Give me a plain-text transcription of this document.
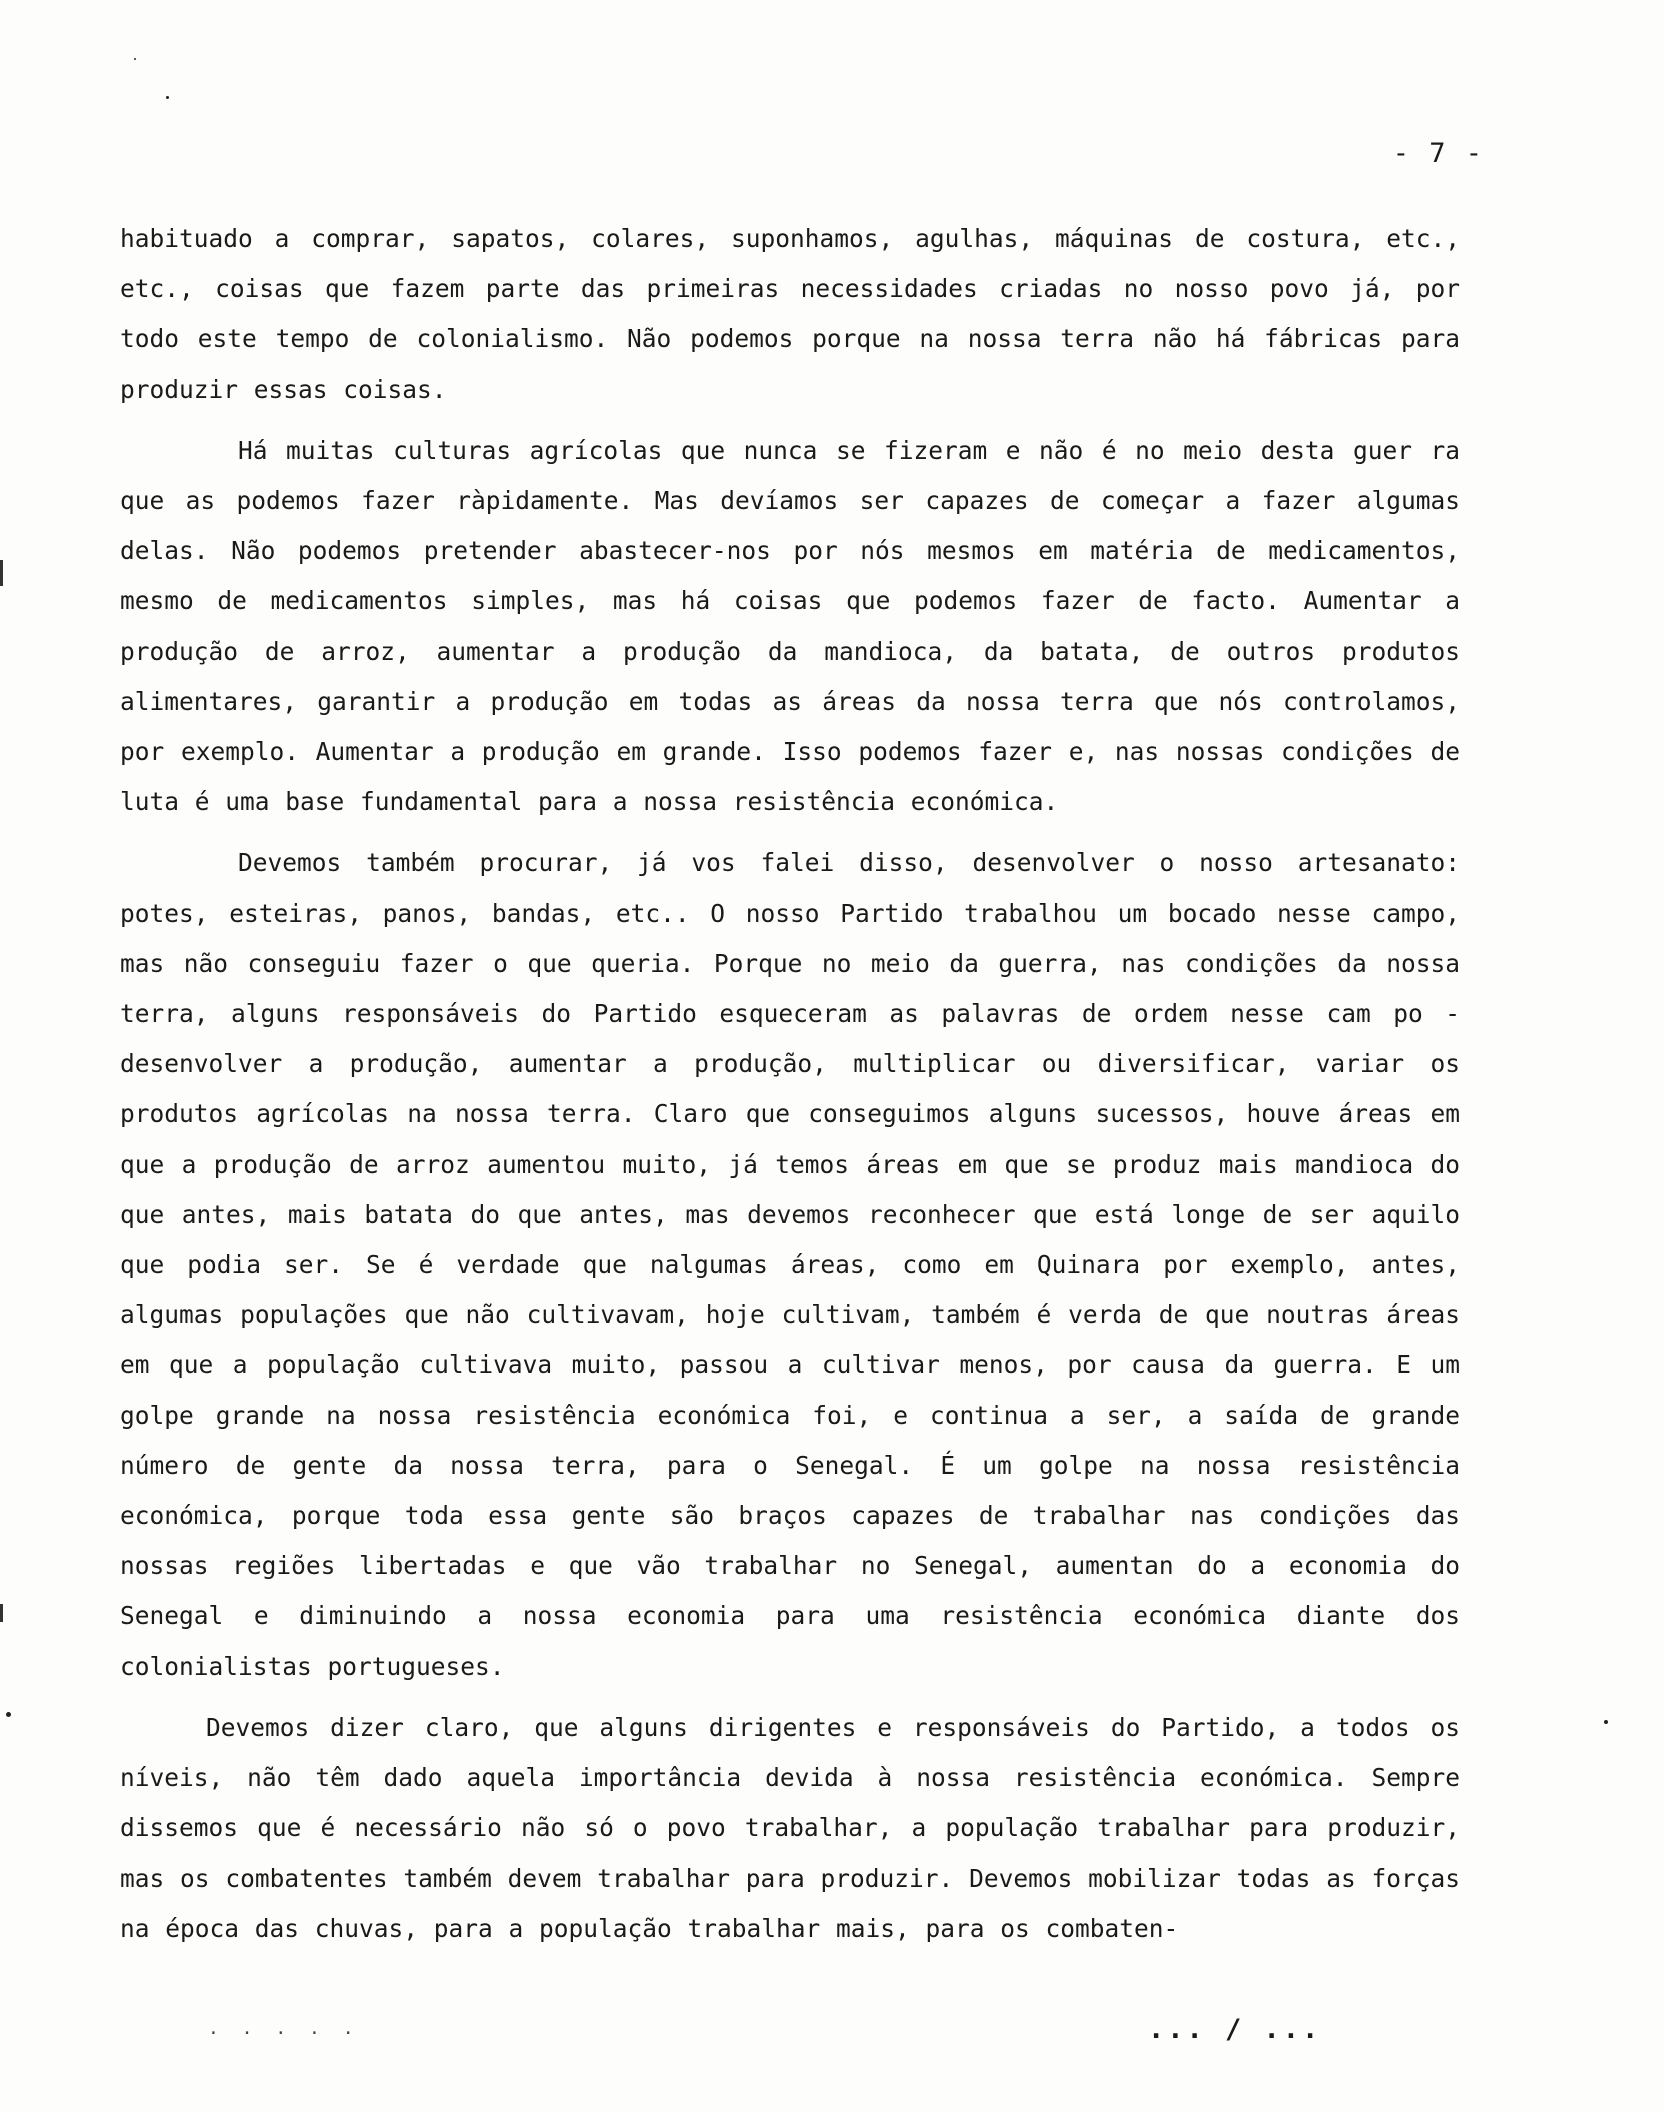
- 7 -

habituado a comprar, sapatos, colares, suponhamos, agulhas, máquinas de costura, etc., etc., coisas que fazem parte das primeiras necessidades criadas no nosso povo já, por todo este tempo de colonialismo. Não podemos porque na nossa terra não há fábricas para produzir essas coisas.

Há muitas culturas agrícolas que nunca se fizeram e não é no meio desta guer ra que as podemos fazer ràpidamente. Mas devíamos ser capazes de começar a fazer algumas delas. Não podemos pretender abastecer-nos por nós mesmos em matéria de medicamentos, mesmo de medicamentos simples, mas há coisas que podemos fazer de facto. Aumentar a produção de arroz, aumentar a produção da mandioca, da batata, de outros produtos alimentares, garantir a produção em todas as áreas da nossa terra que nós controlamos, por exemplo. Aumentar a produção em grande. Isso podemos fazer e, nas nossas condições de luta é uma base fundamental para a nossa resistência económica.

Devemos também procurar, já vos falei disso, desenvolver o nosso artesanato: potes, esteiras, panos, bandas, etc.. O nosso Partido trabalhou um bocado nesse campo, mas não conseguiu fazer o que queria. Porque no meio da guerra, nas condições da nossa terra, alguns responsáveis do Partido esqueceram as palavras de ordem nesse cam po - desenvolver a produção, aumentar a produção, multiplicar ou diversificar, variar os produtos agrícolas na nossa terra. Claro que conseguimos alguns sucessos, houve áreas em que a produção de arroz aumentou muito, já temos áreas em que se produz mais mandioca do que antes, mais batata do que antes, mas devemos reconhecer que está longe de ser aquilo que podia ser. Se é verdade que nalgumas áreas, como em Quinara por exemplo, antes, algumas populações que não cultivavam, hoje cultivam, também é verda de que noutras áreas em que a população cultivava muito, passou a cultivar menos, por causa da guerra. E um golpe grande na nossa resistência económica foi, e continua a ser, a saída de grande número de gente da nossa terra, para o Senegal. É um golpe na nossa resistência económica, porque toda essa gente são braços capazes de trabalhar nas condições das nossas regiões libertadas e que vão trabalhar no Senegal, aumentan do a economia do Senegal e diminuindo a nossa economia para uma resistência económica diante dos colonialistas portugueses.

Devemos dizer claro, que alguns dirigentes e responsáveis do Partido, a todos os níveis, não têm dado aquela importância devida à nossa resistência económica. Sempre dissemos que é necessário não só o povo trabalhar, a população trabalhar para produzir, mas os combatentes também devem trabalhar para produzir. Devemos mobilizar todas as forças na época das chuvas, para a população trabalhar mais, para os combaten-

. . . . .	... / ...
